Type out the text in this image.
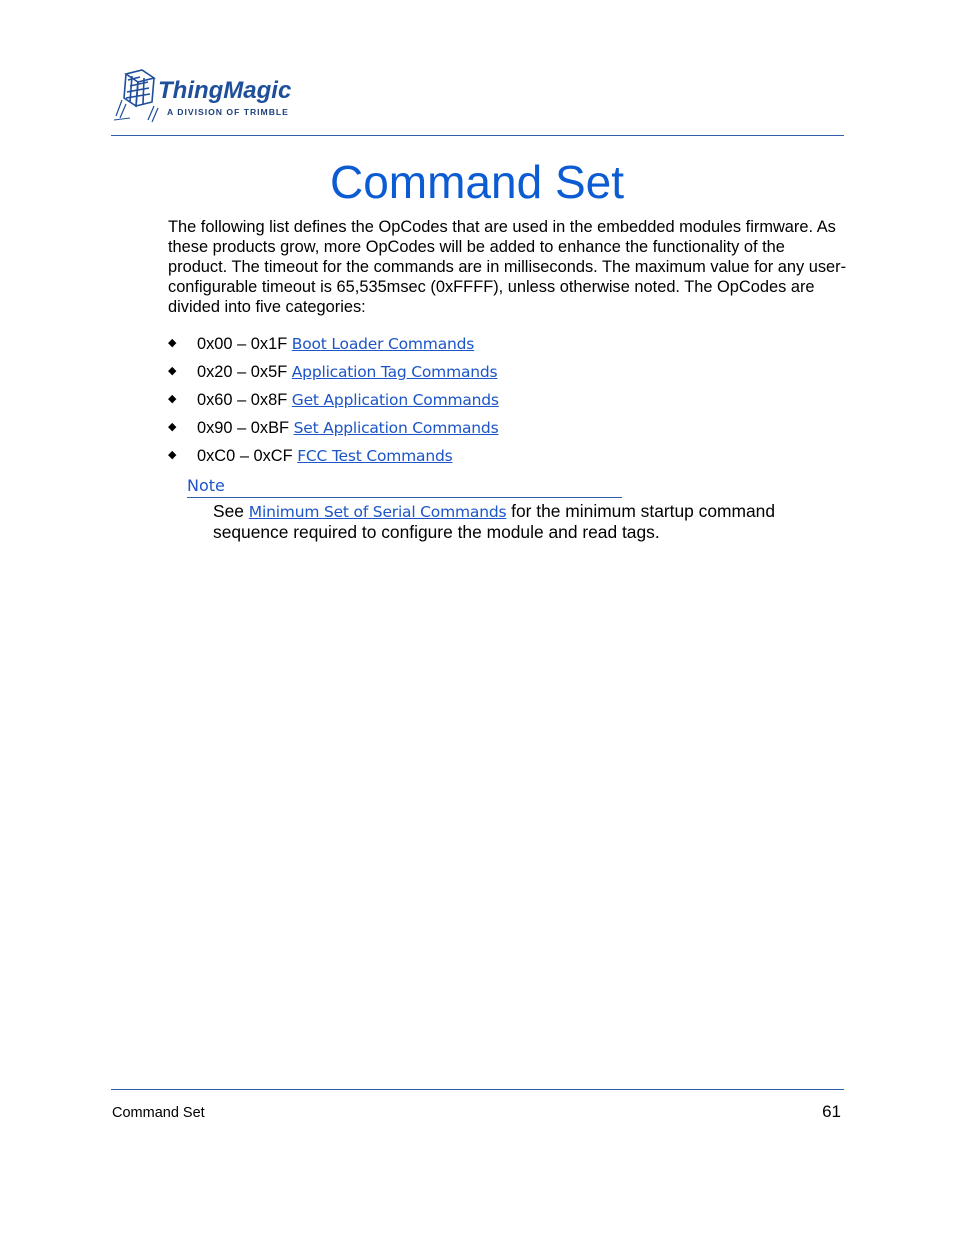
ThingMagic
A DIVISION OF TRIMBLE
Command Set

The following list defines the OpCodes that are used in the embedded modules firmware. As these products grow, more OpCodes will be added to enhance the functionality of the product. The timeout for the commands are in milliseconds. The maximum value for any user-configurable timeout is 65,535msec (0xFFFF), unless otherwise noted. The OpCodes are divided into five categories:

◆ 0x00 – 0x1F Boot Loader Commands
◆ 0x20 – 0x5F Application Tag Commands
◆ 0x60 – 0x8F Get Application Commands
◆ 0x90 – 0xBF Set Application Commands
◆ 0xC0 – 0xCF FCC Test Commands
Note

See Minimum Set of Serial Commands for the minimum startup command sequence required to configure the module and read tags.

Command Set	61
